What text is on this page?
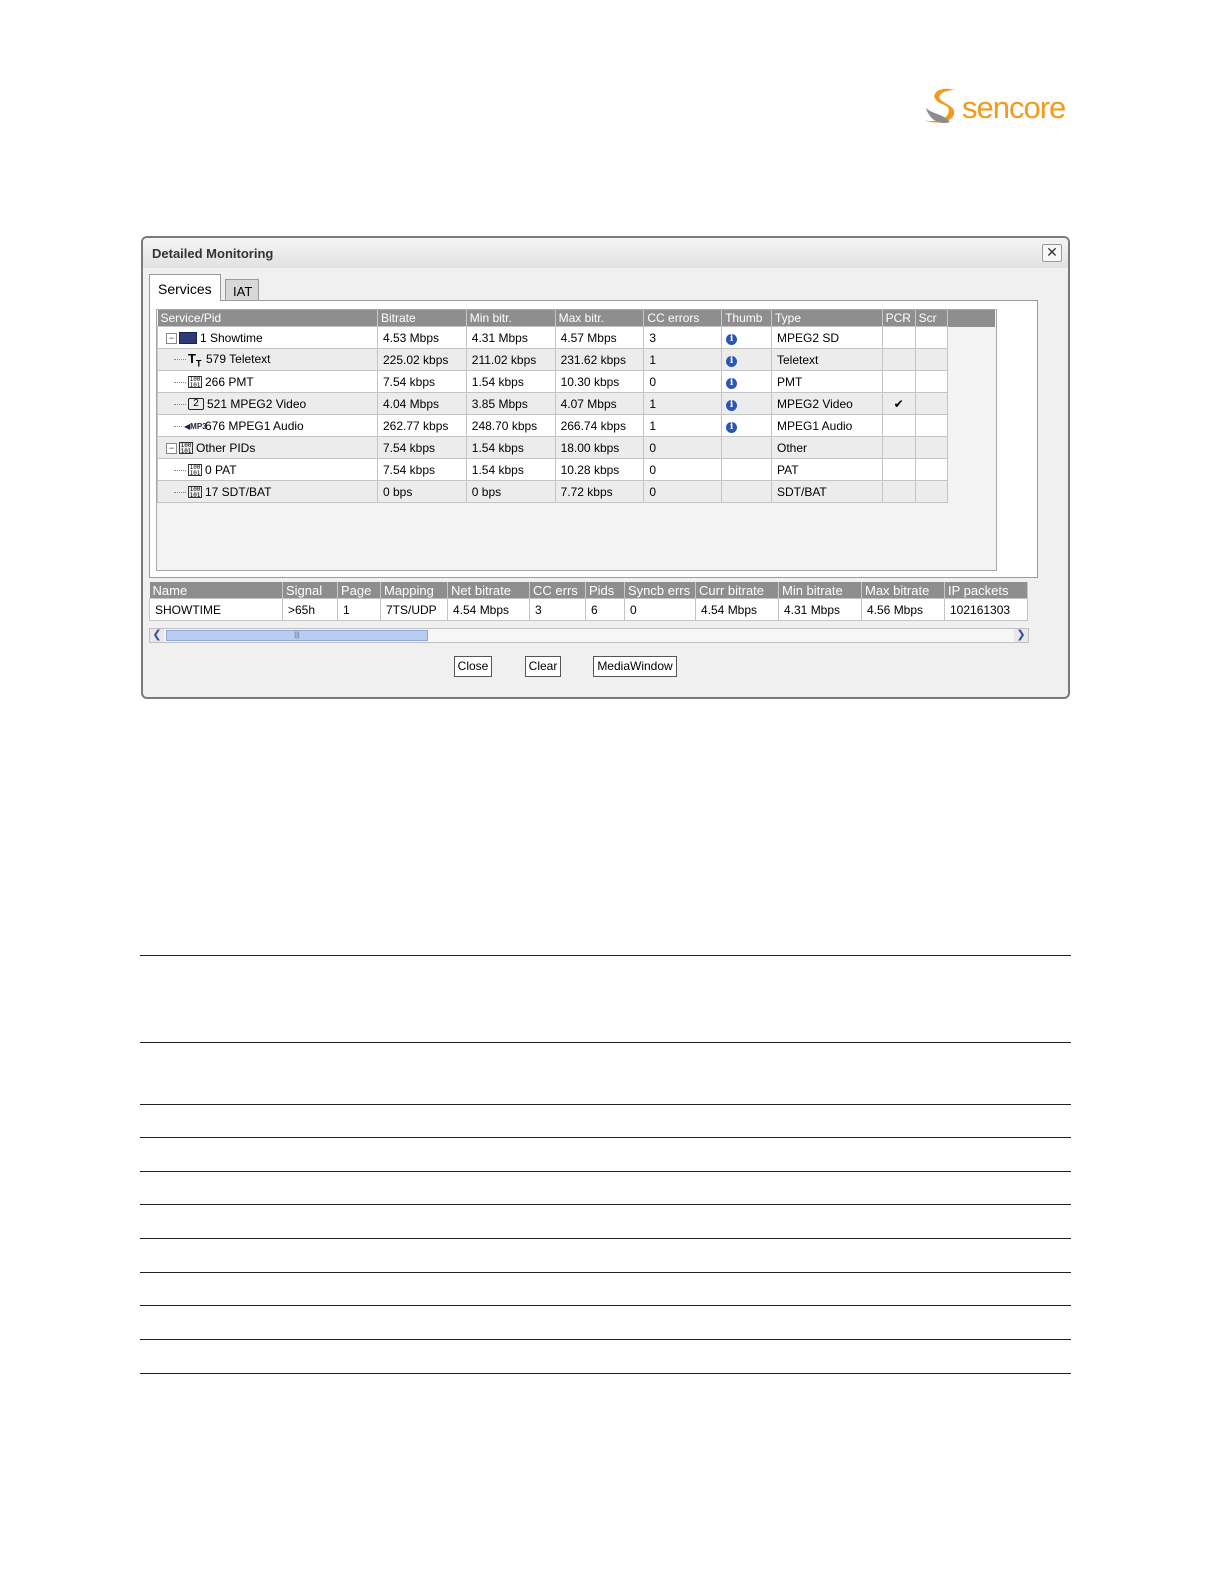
sencore
Detailed Monitoring	✕
Services	IAT
Service/Pid	Bitrate	Min bitr.	Max bitr.	CC errors	Thumb	Type	PCR	Scr	
− 1 Showtime	4.53 Mbps	4.31 Mbps	4.57 Mbps	3	i	MPEG2 SD			
$T_T$ 579 Teletext	225.02 kbps	211.02 kbps	231.62 kbps	1	i	Teletext			
100
101 266 PMT	7.54 kbps	1.54 kbps	10.30 kbps	0	i	PMT			
2 521 MPEG2 Video	4.04 Mbps	3.85 Mbps	4.07 Mbps	1	i	MPEG2 Video	✔		
◀MP3676 MPEG1 Audio	262.77 kbps	248.70 kbps	266.74 kbps	1	i	MPEG1 Audio			
− 100
101 Other PIDs	7.54 kbps	1.54 kbps	18.00 kbps	0		Other			
100
101 0 PAT	7.54 kbps	1.54 kbps	10.28 kbps	0		PAT			
100
101 17 SDT/BAT	0 bps	0 bps	7.72 kbps	0		SDT/BAT			
Name	Signal	Page	Mapping	Net bitrate	CC errs	Pids	Syncb errs	Curr bitrate	Min bitrate	Max bitrate	IP packets
SHOWTIME	>65h	1	7TS/UDP	4.54 Mbps	3	6	0	4.54 Mbps	4.31 Mbps	4.56 Mbps	102161303
❮	|||	❯
Close	Clear	MediaWindow
